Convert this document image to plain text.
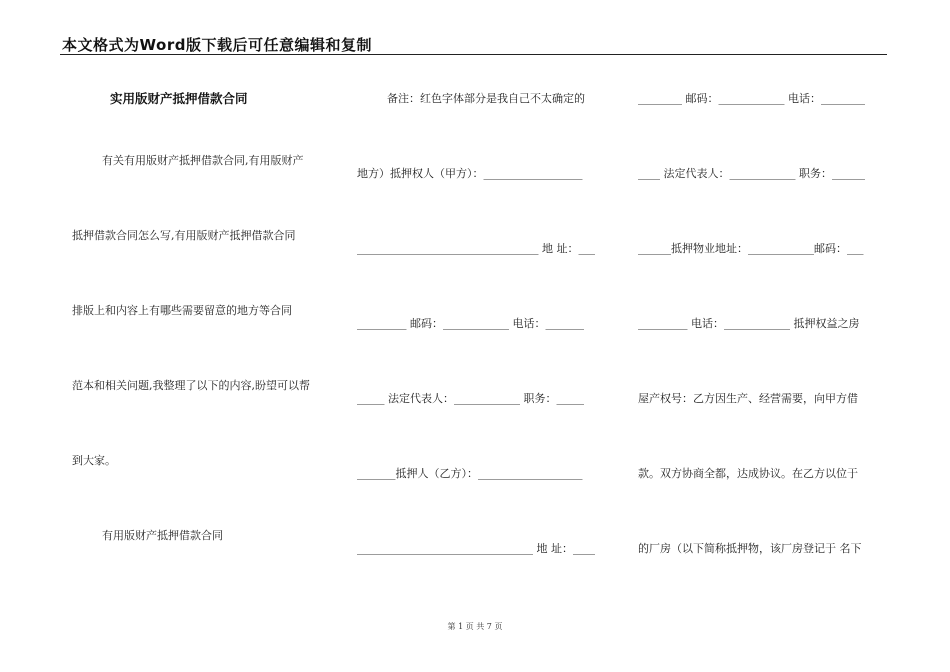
本文格式为Word版下载后可任意编辑和复制
实用版财产抵押借款合同
有关有用版财产抵押借款合同,有用版财产
抵押借款合同怎么写,有用版财产抵押借款合同
排版上和内容上有哪些需要留意的地方等合同
范本和相关问题,我整理了以下的内容,盼望可以帮
到大家。
有用版财产抵押借款合同
备注：红色字体部分是我自己不太确定的
地方）抵押权人（甲方）：__________________
_________________________________ 地 址：___
_________ 邮码：____________ 电话：_______
_____ 法定代表人：____________ 职务：_____
_______抵押人（乙方）：___________________
________________________________ 地 址：____
________ 邮码：____________ 电话：________
____ 法定代表人：____________ 职务：______
______抵押物业地址：____________邮码：___
_________ 电话：____________ 抵押权益之房
屋产权号：乙方因生产、经营需要，向甲方借
款。双方协商全都，达成协议。在乙方以位于
的厂房（以下简称抵押物，该厂房登记于 名下
第 1 页 共 7 页
